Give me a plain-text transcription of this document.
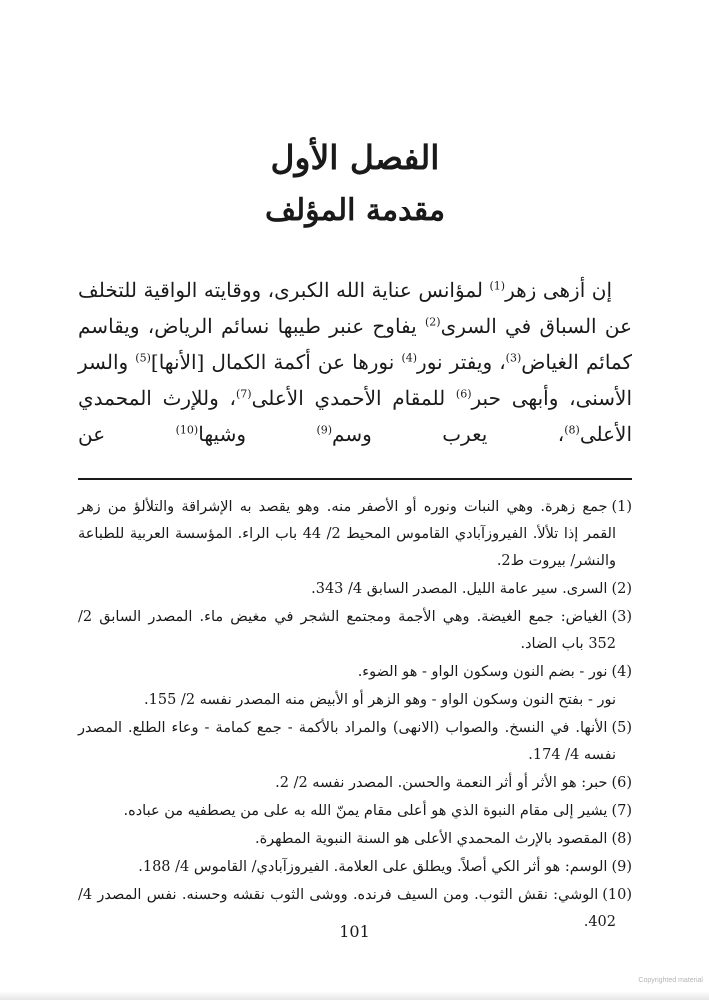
الفصل الأول
مقدمة المؤلف

إن أزهى زهر$^{(1)}$ لمؤانس عناية الله الكبرى، ووقايته الواقية للتخلف عن السباق في السرى$^{(2)}$ يفاوح عنبر طيبها نسائم الرياض، ويقاسم كمائم الغياض$^{(3)}$، ويفتر نور$^{(4)}$ نورها عن أكمة الكمال [الأنها]$^{(5)}$ والسر الأسنى، وأبهى حبر$^{(6)}$ للمقام الأحمدي الأعلى$^{(7)}$، وللإرث المحمدي الأعلى$^{(8)}$، يعرب وسم$^{(9)}$ وشيها$^{(10)}$ عن

(1)جمع زهرة. وهي النبات ونوره أو الأصفر منه. وهو يقصد به الإشراقة والتلألؤ من زهر القمر إذا تلألأ. الفيروزآبادي القاموس المحيط 2/ 44 باب الراء. المؤسسة العربية للطباعة والنشر/ بيروت ط2.
(2)السرى. سير عامة الليل. المصدر السابق 4/ 343.
(3)الغياض: جمع الغيضة. وهي الأجمة ومجتمع الشجر في مغيض ماء. المصدر السابق 2/ 352 باب الضاد.
(4)نور - بضم النون وسكون الواو - هو الضوء.
نور - بفتح النون وسكون الواو - وهو الزهر أو الأبيض منه المصدر نفسه 2/ 155.
(5)الأنها. في النسخ. والصواب (الانهى) والمراد بالأكمة - جمع كمامة - وعاء الطلع. المصدر نفسه 4/ 174.
(6)حبر: هو الأثر أو أثر النعمة والحسن. المصدر نفسه 2/ 2.
(7)يشير إلى مقام النبوة الذي هو أعلى مقام يمنّ الله به على من يصطفيه من عباده.
(8)المقصود بالإرث المحمدي الأعلى هو السنة النبوية المطهرة.
(9)الوسم: هو أثر الكي أصلاً. ويطلق على العلامة. الفيروزآبادي/ القاموس 4/ 188.
(10)الوشي: نقش الثوب. ومن السيف فرنده. ووشى الثوب نقشه وحسنه. نفس المصدر 4/ 402.
101
Copyrighted material
